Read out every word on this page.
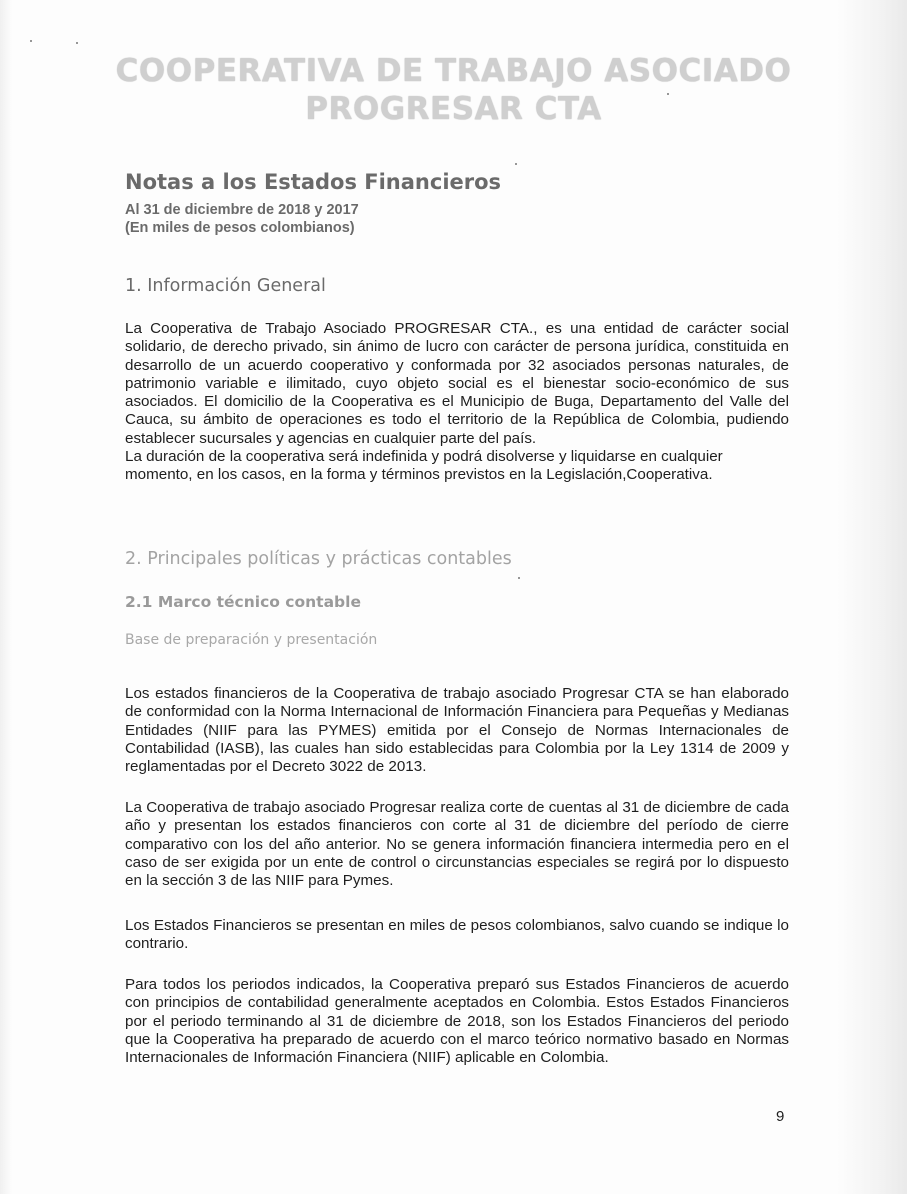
COOPERATIVA DE TRABAJO ASOCIADO
PROGRESAR CTA
Notas a los Estados Financieros

Al 31 de diciembre de 2018 y 2017

(En miles de pesos colombianos)

1. Información General

La Cooperativa de Trabajo Asociado PROGRESAR CTA., es una entidad de carácter social solidario, de derecho privado, sin ánimo de lucro con carácter de persona jurídica, constituida en desarrollo de un acuerdo cooperativo y conformada por 32 asociados personas naturales, de patrimonio variable e ilimitado, cuyo objeto social es el bienestar socio-económico de sus asociados. El domicilio de la Cooperativa es el Municipio de Buga, Departamento del Valle del Cauca, su ámbito de operaciones es todo el territorio de la República de Colombia, pudiendo establecer sucursales y agencias en cualquier parte del país.

La duración de la cooperativa será indefinida y podrá disolverse y liquidarse en cualquier momento, en los casos, en la forma y términos previstos en la Legislación,Cooperativa.

2. Principales políticas y prácticas contables
2.1 Marco técnico contable
Base de preparación y presentación

Los estados financieros de la Cooperativa de trabajo asociado Progresar CTA se han elaborado de conformidad con la Norma Internacional de Información Financiera para Pequeñas y Medianas Entidades (NIIF para las PYMES) emitida por el Consejo de Normas Internacionales de Contabilidad (IASB), las cuales han sido establecidas para Colombia por la Ley 1314 de 2009 y reglamentadas por el Decreto 3022 de 2013.

La Cooperativa de trabajo asociado Progresar realiza corte de cuentas al 31 de diciembre de cada año y presentan los estados financieros con corte al 31 de diciembre del período de cierre comparativo con los del año anterior. No se genera información financiera intermedia pero en el caso de ser exigida por un ente de control o circunstancias especiales se regirá por lo dispuesto en la sección 3 de las NIIF para Pymes.

Los Estados Financieros se presentan en miles de pesos colombianos, salvo cuando se indique lo contrario.

Para todos los periodos indicados, la Cooperativa preparó sus Estados Financieros de acuerdo con principios de contabilidad generalmente aceptados en Colombia. Estos Estados Financieros por el periodo terminando al 31 de diciembre de 2018, son los Estados Financieros del periodo que la Cooperativa ha preparado de acuerdo con el marco teórico normativo basado en Normas Internacionales de Información Financiera (NIIF) aplicable en Colombia.

9
